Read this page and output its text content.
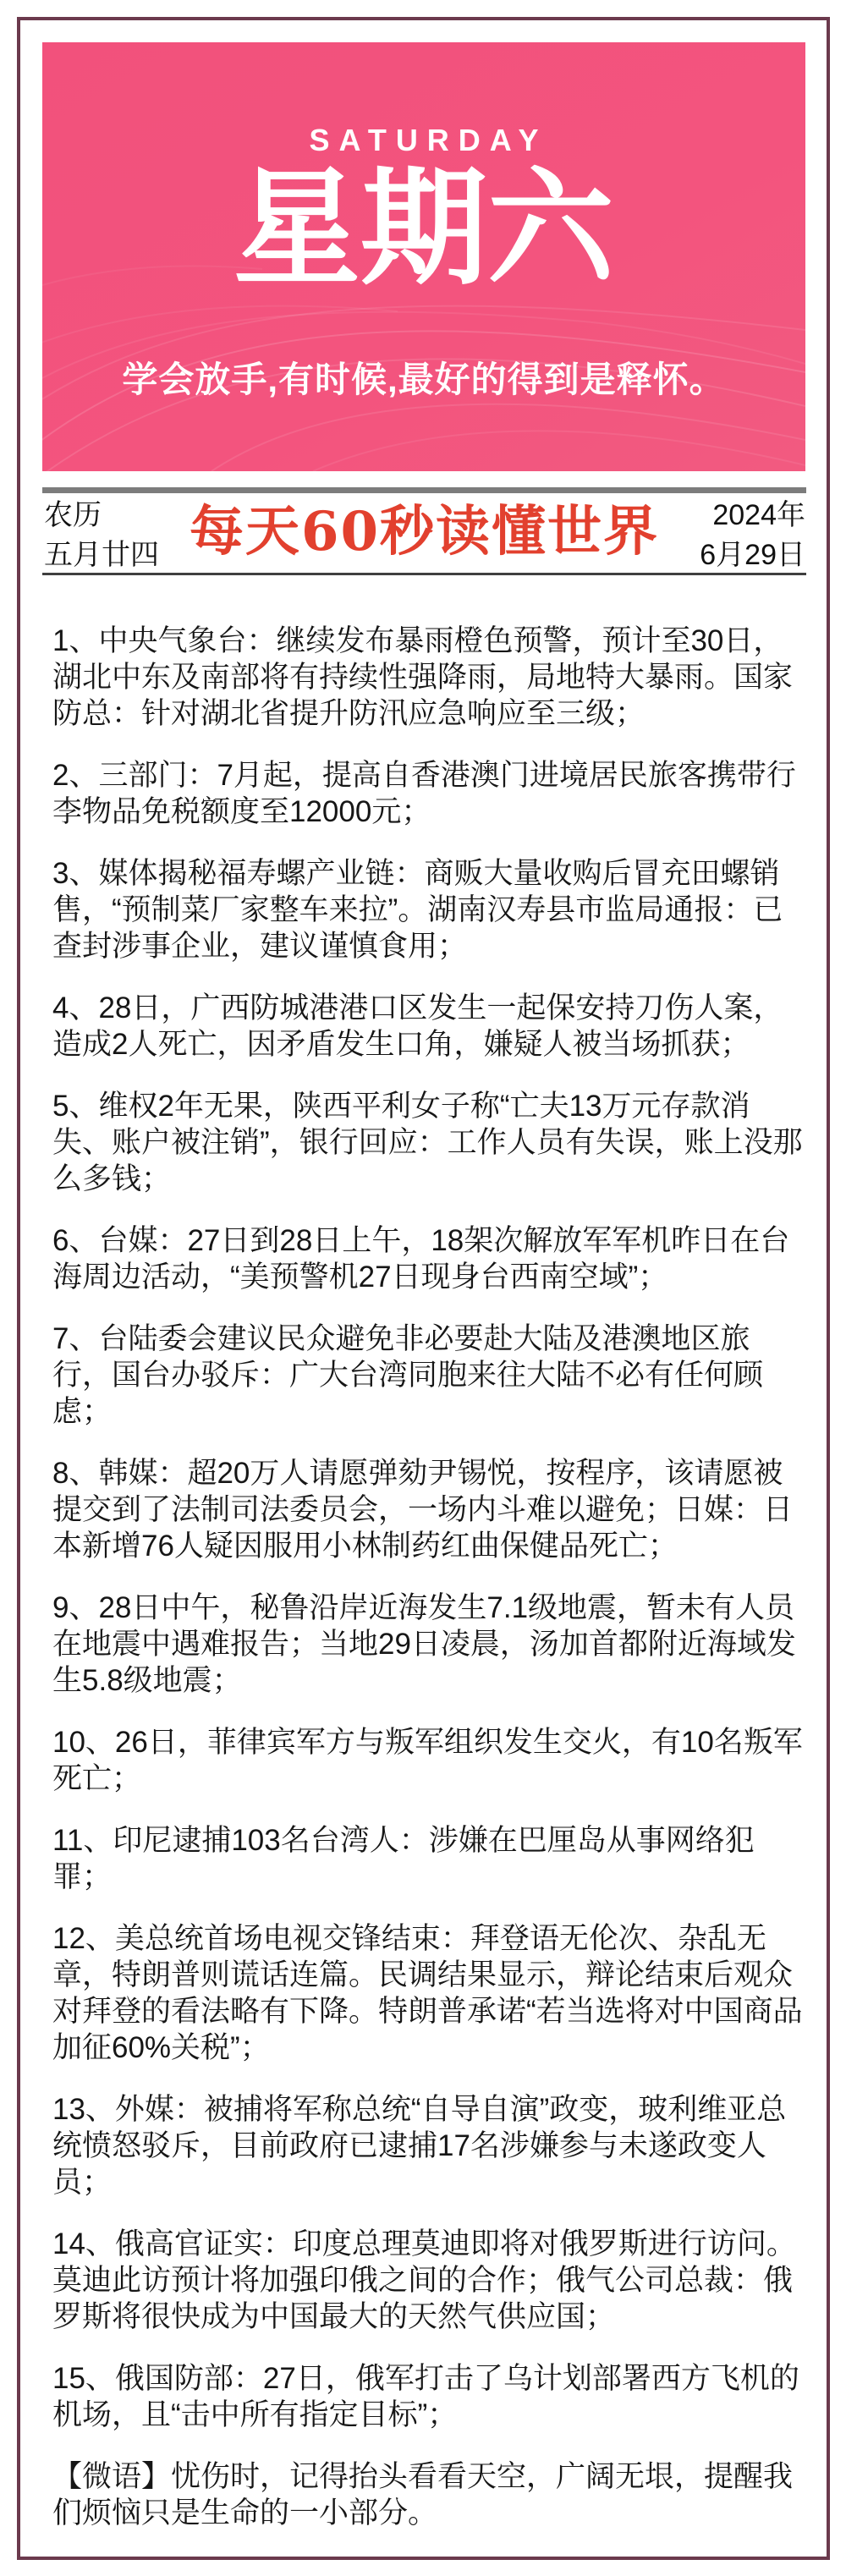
SATURDAY
星期六
学会放手,有时候,最好的得到是释怀。
农历
五月廿四 每天60秒读懂世界	2024年
6月29日

1、中央气象台：继续发布暴雨橙色预警，预计至30日，湖北中东及南部将有持续性强降雨，局地特大暴雨。国家防总：针对湖北省提升防汛应急响应至三级；

2、三部门：7月起，提高自香港澳门进境居民旅客携带行李物品免税额度至12000元；

3、媒体揭秘福寿螺产业链：商贩大量收购后冒充田螺销售，“预制菜厂家整车来拉”。湖南汉寿县市监局通报：已查封涉事企业，建议谨慎食用；

4、28日，广西防城港港口区发生一起保安持刀伤人案，造成2人死亡，因矛盾发生口角，嫌疑人被当场抓获；

5、维权2年无果，陕西平利女子称“亡夫13万元存款消失、账户被注销”，银行回应：工作人员有失误，账上没那么多钱；

6、台媒：27日到28日上午，18架次解放军军机昨日在台海周边活动，“美预警机27日现身台西南空域”；

7、台陆委会建议民众避免非必要赴大陆及港澳地区旅行，国台办驳斥：广大台湾同胞来往大陆不必有任何顾虑；

8、韩媒：超20万人请愿弹劾尹锡悦，按程序，该请愿被提交到了法制司法委员会，一场内斗难以避免；日媒：日本新增76人疑因服用小林制药红曲保健品死亡；

9、28日中午，秘鲁沿岸近海发生7.1级地震，暂未有人员在地震中遇难报告；当地29日凌晨，汤加首都附近海域发生5.8级地震；

10、26日，菲律宾军方与叛军组织发生交火，有10名叛军死亡；

11、印尼逮捕103名台湾人：涉嫌在巴厘岛从事网络犯罪；

12、美总统首场电视交锋结束：拜登语无伦次、杂乱无章，特朗普则谎话连篇。民调结果显示，辩论结束后观众对拜登的看法略有下降。特朗普承诺“若当选将对中国商品加征60%关税”；

13、外媒：被捕将军称总统“自导自演”政变，玻利维亚总统愤怒驳斥，目前政府已逮捕17名涉嫌参与未遂政变人员；

14、俄高官证实：印度总理莫迪即将对俄罗斯进行访问。莫迪此访预计将加强印俄之间的合作；俄气公司总裁：俄罗斯将很快成为中国最大的天然气供应国；

15、俄国防部：27日，俄军打击了乌计划部署西方飞机的机场，且“击中所有指定目标”；

【微语】忧伤时，记得抬头看看天空，广阔无垠，提醒我们烦恼只是生命的一小部分。
